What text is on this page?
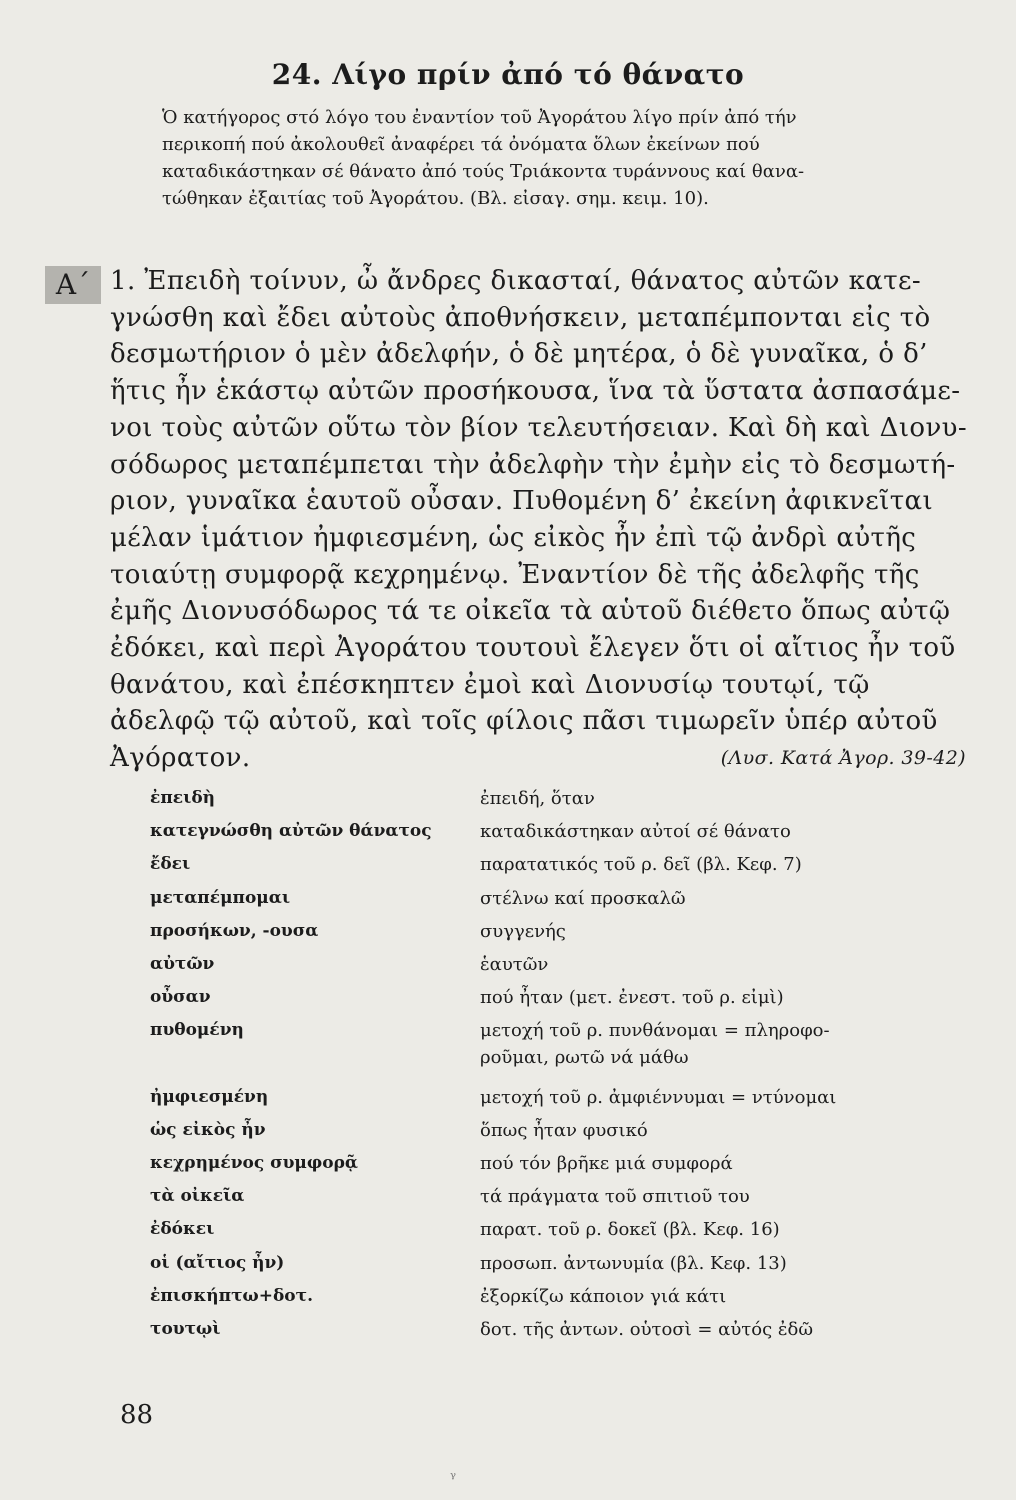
24. Λίγο πρίν ἀπό τό θάνατο
Ὁ κατήγορος στό λόγο του ἐναντίον τοῦ Ἀγοράτου λίγο πρίν ἀπό τήν
περικοπή πού ἀκολουθεῖ ἀναφέρει τά ὀνόματα ὅλων ἐκείνων πού
καταδικάστηκαν σέ θάνατο ἀπό τούς Τριάκοντα τυράννους καί θανα-
τώθηκαν ἐξαιτίας τοῦ Ἀγοράτου. (Βλ. εἰσαγ. σημ. κειμ. 10).
Α΄ 1. Ἐπειδὴ τοίνυν, ὦ ἄνδρες δικασταί, θάνατος αὐτῶν κατε-
γνώσθη καὶ ἔδει αὐτοὺς ἀποθνήσκειν, μεταπέμπονται εἰς τὸ
δεσμωτήριον ὁ μὲν ἀδελφήν, ὁ δὲ μητέρα, ὁ δὲ γυναῖκα, ὁ δ’
ἥτις ἦν ἑκάστῳ αὐτῶν προσήκουσα, ἵνα τὰ ὕστατα ἀσπασάμε-
νοι τοὺς αὐτῶν οὕτω τὸν βίον τελευτήσειαν. Καὶ δὴ καὶ Διονυ-
σόδωρος μεταπέμπεται τὴν ἀδελφὴν τὴν ἐμὴν εἰς τὸ δεσμωτή-
ριον, γυναῖκα ἑαυτοῦ οὖσαν. Πυθομένη δ’ ἐκείνη ἀφικνεῖται
μέλαν ἱμάτιον ἠμφιεσμένη, ὡς εἰκὸς ἦν ἐπὶ τῷ ἀνδρὶ αὐτῆς
τοιαύτῃ συμφορᾷ κεχρημένῳ. Ἐναντίον δὲ τῆς ἀδελφῆς τῆς
ἐμῆς Διονυσόδωρος τά τε οἰκεῖα τὰ αὑτοῦ διέθετο ὅπως αὐτῷ
ἐδόκει, καὶ περὶ Ἀγοράτου τουτουὶ ἔλεγεν ὅτι οἱ αἴτιος ἦν τοῦ
θανάτου, καὶ ἐπέσκηπτεν ἐμοὶ καὶ Διονυσίῳ τουτῳί, τῷ
ἀδελφῷ τῷ αὐτοῦ, καὶ τοῖς φίλοις πᾶσι τιμωρεῖν ὑπέρ αὐτοῦ
Ἀγόρατον.	(Λυσ. Κατά Ἀγορ. 39-42)
ἐπειδὴ	ἐπειδή, ὅταν
κατεγνώσθη αὐτῶν θάνατος	καταδικάστηκαν αὐτοί σέ θάνατο
ἔδει	παρατατικός τοῦ ρ. δεῖ (βλ. Κεφ. 7)
μεταπέμπομαι	στέλνω καί προσκαλῶ
προσήκων, -ουσα	συγγενής
αὐτῶν	ἑαυτῶν
οὖσαν	πού ἦταν (μετ. ἐνεστ. τοῦ ρ. εἰμὶ)
πυθομένη	μετοχή τοῦ ρ. πυνθάνομαι = πληροφο-
ροῦμαι, ρωτῶ νά μάθω
ἠμφιεσμένη	μετοχή τοῦ ρ. ἀμφιέννυμαι = ντύνομαι
ὡς εἰκὸς ἦν	ὅπως ἦταν φυσικό
κεχρημένος συμφορᾷ	πού τόν βρῆκε μιά συμφορά
τὰ οἰκεῖα	τά πράγματα τοῦ σπιτιοῦ του
ἐδόκει	παρατ. τοῦ ρ. δοκεῖ (βλ. Κεφ. 16)
οἱ (αἴτιος ἦν)	προσωπ. ἀντωνυμία (βλ. Κεφ. 13)
ἐπισκήπτω+δοτ.	ἐξορκίζω κάποιον γιά κάτι
τουτῳὶ	δοτ. τῆς ἀντων. οὑτοσὶ = αὐτός ἐδῶ
88
ᵞ
